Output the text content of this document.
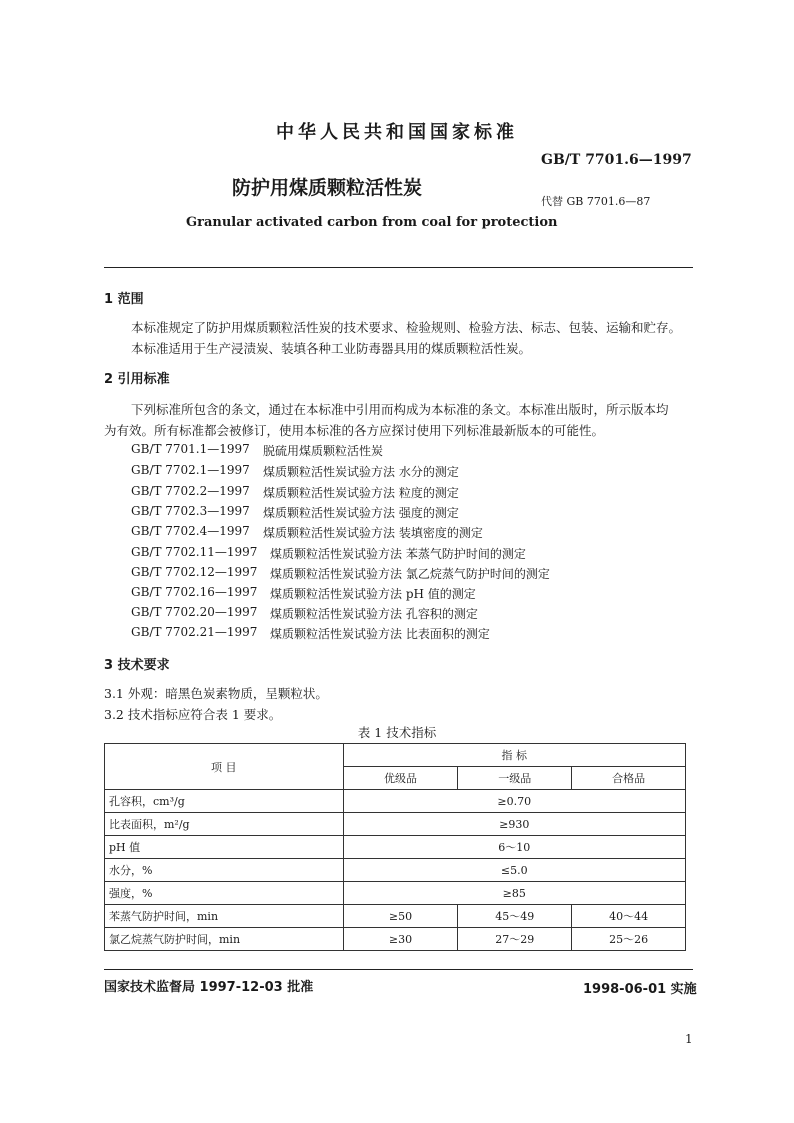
中华人民共和国国家标准
GB/T 7701.6—1997
防护用煤质颗粒活性炭
代替 GB 7701.6—87
Granular activated carbon from coal for protection
1 范围
本标准规定了防护用煤质颗粒活性炭的技术要求、检验规则、检验方法、标志、包装、运输和贮存。
本标准适用于生产浸渍炭、装填各种工业防毒器具用的煤质颗粒活性炭。
2 引用标准
下列标准所包含的条文，通过在本标准中引用而构成为本标准的条文。本标准出版时，所示版本均
为有效。所有标准都会被修订，使用本标准的各方应探讨使用下列标准最新版本的可能性。
GB/T 7701.1—1997 脱硫用煤质颗粒活性炭
GB/T 7702.1—1997 煤质颗粒活性炭试验方法 水分的测定
GB/T 7702.2—1997 煤质颗粒活性炭试验方法 粒度的测定
GB/T 7702.3—1997 煤质颗粒活性炭试验方法 强度的测定
GB/T 7702.4—1997 煤质颗粒活性炭试验方法 装填密度的测定
GB/T 7702.11—1997 煤质颗粒活性炭试验方法 苯蒸气防护时间的测定
GB/T 7702.12—1997 煤质颗粒活性炭试验方法 氯乙烷蒸气防护时间的测定
GB/T 7702.16—1997 煤质颗粒活性炭试验方法 pH 值的测定
GB/T 7702.20—1997 煤质颗粒活性炭试验方法 孔容积的测定
GB/T 7702.21—1997 煤质颗粒活性炭试验方法 比表面积的测定
3 技术要求
3.1 外观：暗黑色炭素物质，呈颗粒状。
3.2 技术指标应符合表 1 要求。
表 1 技术指标
项 目	指 标		
	优级品	一级品	合格品
孔容积，cm³/g	≥0.70		
比表面积，m²/g	≥930		
pH 值	6～10		
水分，%	≤5.0		
强度，%	≥85		
苯蒸气防护时间，min	≥50	45～49	40～44
氯乙烷蒸气防护时间，min	≥30	27～29	25～26
国家技术监督局 1997-12-03 批准	1998-06-01 实施
1
